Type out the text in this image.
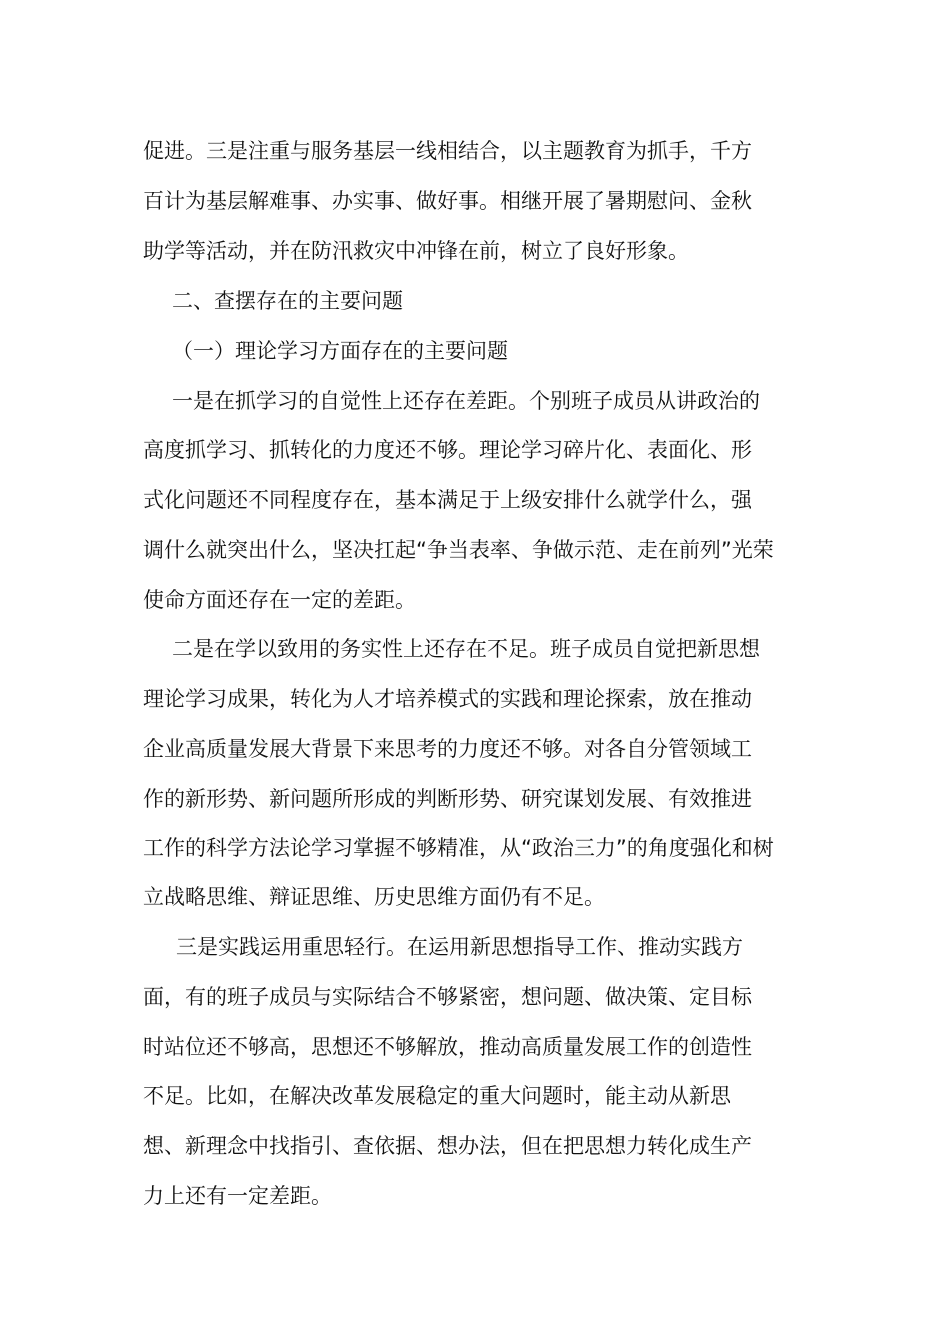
促进。三是注重与服务基层一线相结合，以主题教育为抓手，千方

百计为基层解难事、办实事、做好事。相继开展了暑期慰问、金秋

助学等活动，并在防汛救灾中冲锋在前，树立了良好形象。

二、查摆存在的主要问题

（一）理论学习方面存在的主要问题

一是在抓学习的自觉性上还存在差距。个别班子成员从讲政治的

高度抓学习、抓转化的力度还不够。理论学习碎片化、表面化、形

式化问题还不同程度存在，基本满足于上级安排什么就学什么，强

调什么就突出什么，坚决扛起“争当表率、争做示范、走在前列”光荣

使命方面还存在一定的差距。

二是在学以致用的务实性上还存在不足。班子成员自觉把新思想

理论学习成果，转化为人才培养模式的实践和理论探索，放在推动

企业高质量发展大背景下来思考的力度还不够。对各自分管领域工

作的新形势、新问题所形成的判断形势、研究谋划发展、有效推进

工作的科学方法论学习掌握不够精准，从“政治三力”的角度强化和树

立战略思维、辩证思维、历史思维方面仍有不足。

三是实践运用重思轻行。在运用新思想指导工作、推动实践方

面，有的班子成员与实际结合不够紧密，想问题、做决策、定目标

时站位还不够高，思想还不够解放，推动高质量发展工作的创造性

不足。比如，在解决改革发展稳定的重大问题时，能主动从新思

想、新理念中找指引、查依据、想办法，但在把思想力转化成生产

力上还有一定差距。
